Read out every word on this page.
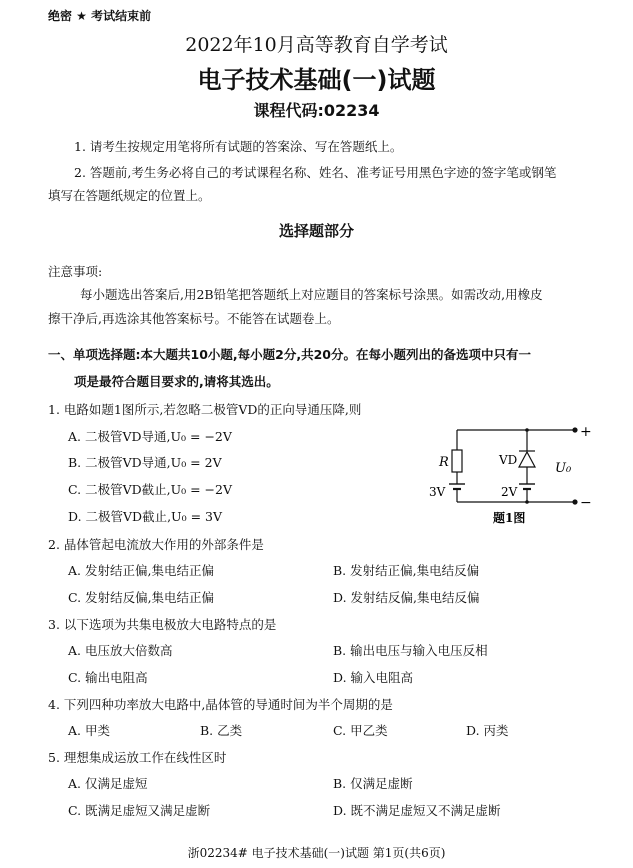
绝密 ★ 考试结束前
2022年10月高等教育自学考试
电子技术基础(一)试题
课程代码:02234
1. 请考生按规定用笔将所有试题的答案涂、写在答题纸上。
2. 答题前,考生务必将自己的考试课程名称、姓名、准考证号用黑色字迹的签字笔或钢笔
填写在答题纸规定的位置上。
选择题部分
注意事项:
每小题选出答案后,用2B铅笔把答题纸上对应题目的答案标号涂黑。如需改动,用橡皮
擦干净后,再选涂其他答案标号。不能答在试题卷上。
一、单项选择题:本大题共10小题,每小题2分,共20分。在每小题列出的备选项中只有一
项是最符合题目要求的,请将其选出。
1. 电路如题1图所示,若忽略二极管VD的正向导通压降,则
A. 二极管VD导通,U₀ = −2V
B. 二极管VD导通,U₀ = 2V
C. 二极管VD截止,U₀ = −2V
D. 二极管VD截止,U₀ = 3V
R	VD
3V	2V
U₀
+
−
题1图
2. 晶体管起电流放大作用的外部条件是
A. 发射结正偏,集电结正偏	B. 发射结正偏,集电结反偏
C. 发射结反偏,集电结正偏	D. 发射结反偏,集电结反偏
3. 以下选项为共集电极放大电路特点的是
A. 电压放大倍数高	B. 输出电压与输入电压反相
C. 输出电阻高	D. 输入电阻高
4. 下列四种功率放大电路中,晶体管的导通时间为半个周期的是
A. 甲类	B. 乙类	C. 甲乙类	D. 丙类
5. 理想集成运放工作在线性区时
A. 仅满足虚短	B. 仅满足虚断
C. 既满足虚短又满足虚断	D. 既不满足虚短又不满足虚断
浙02234# 电子技术基础(一)试题 第1页(共6页)
